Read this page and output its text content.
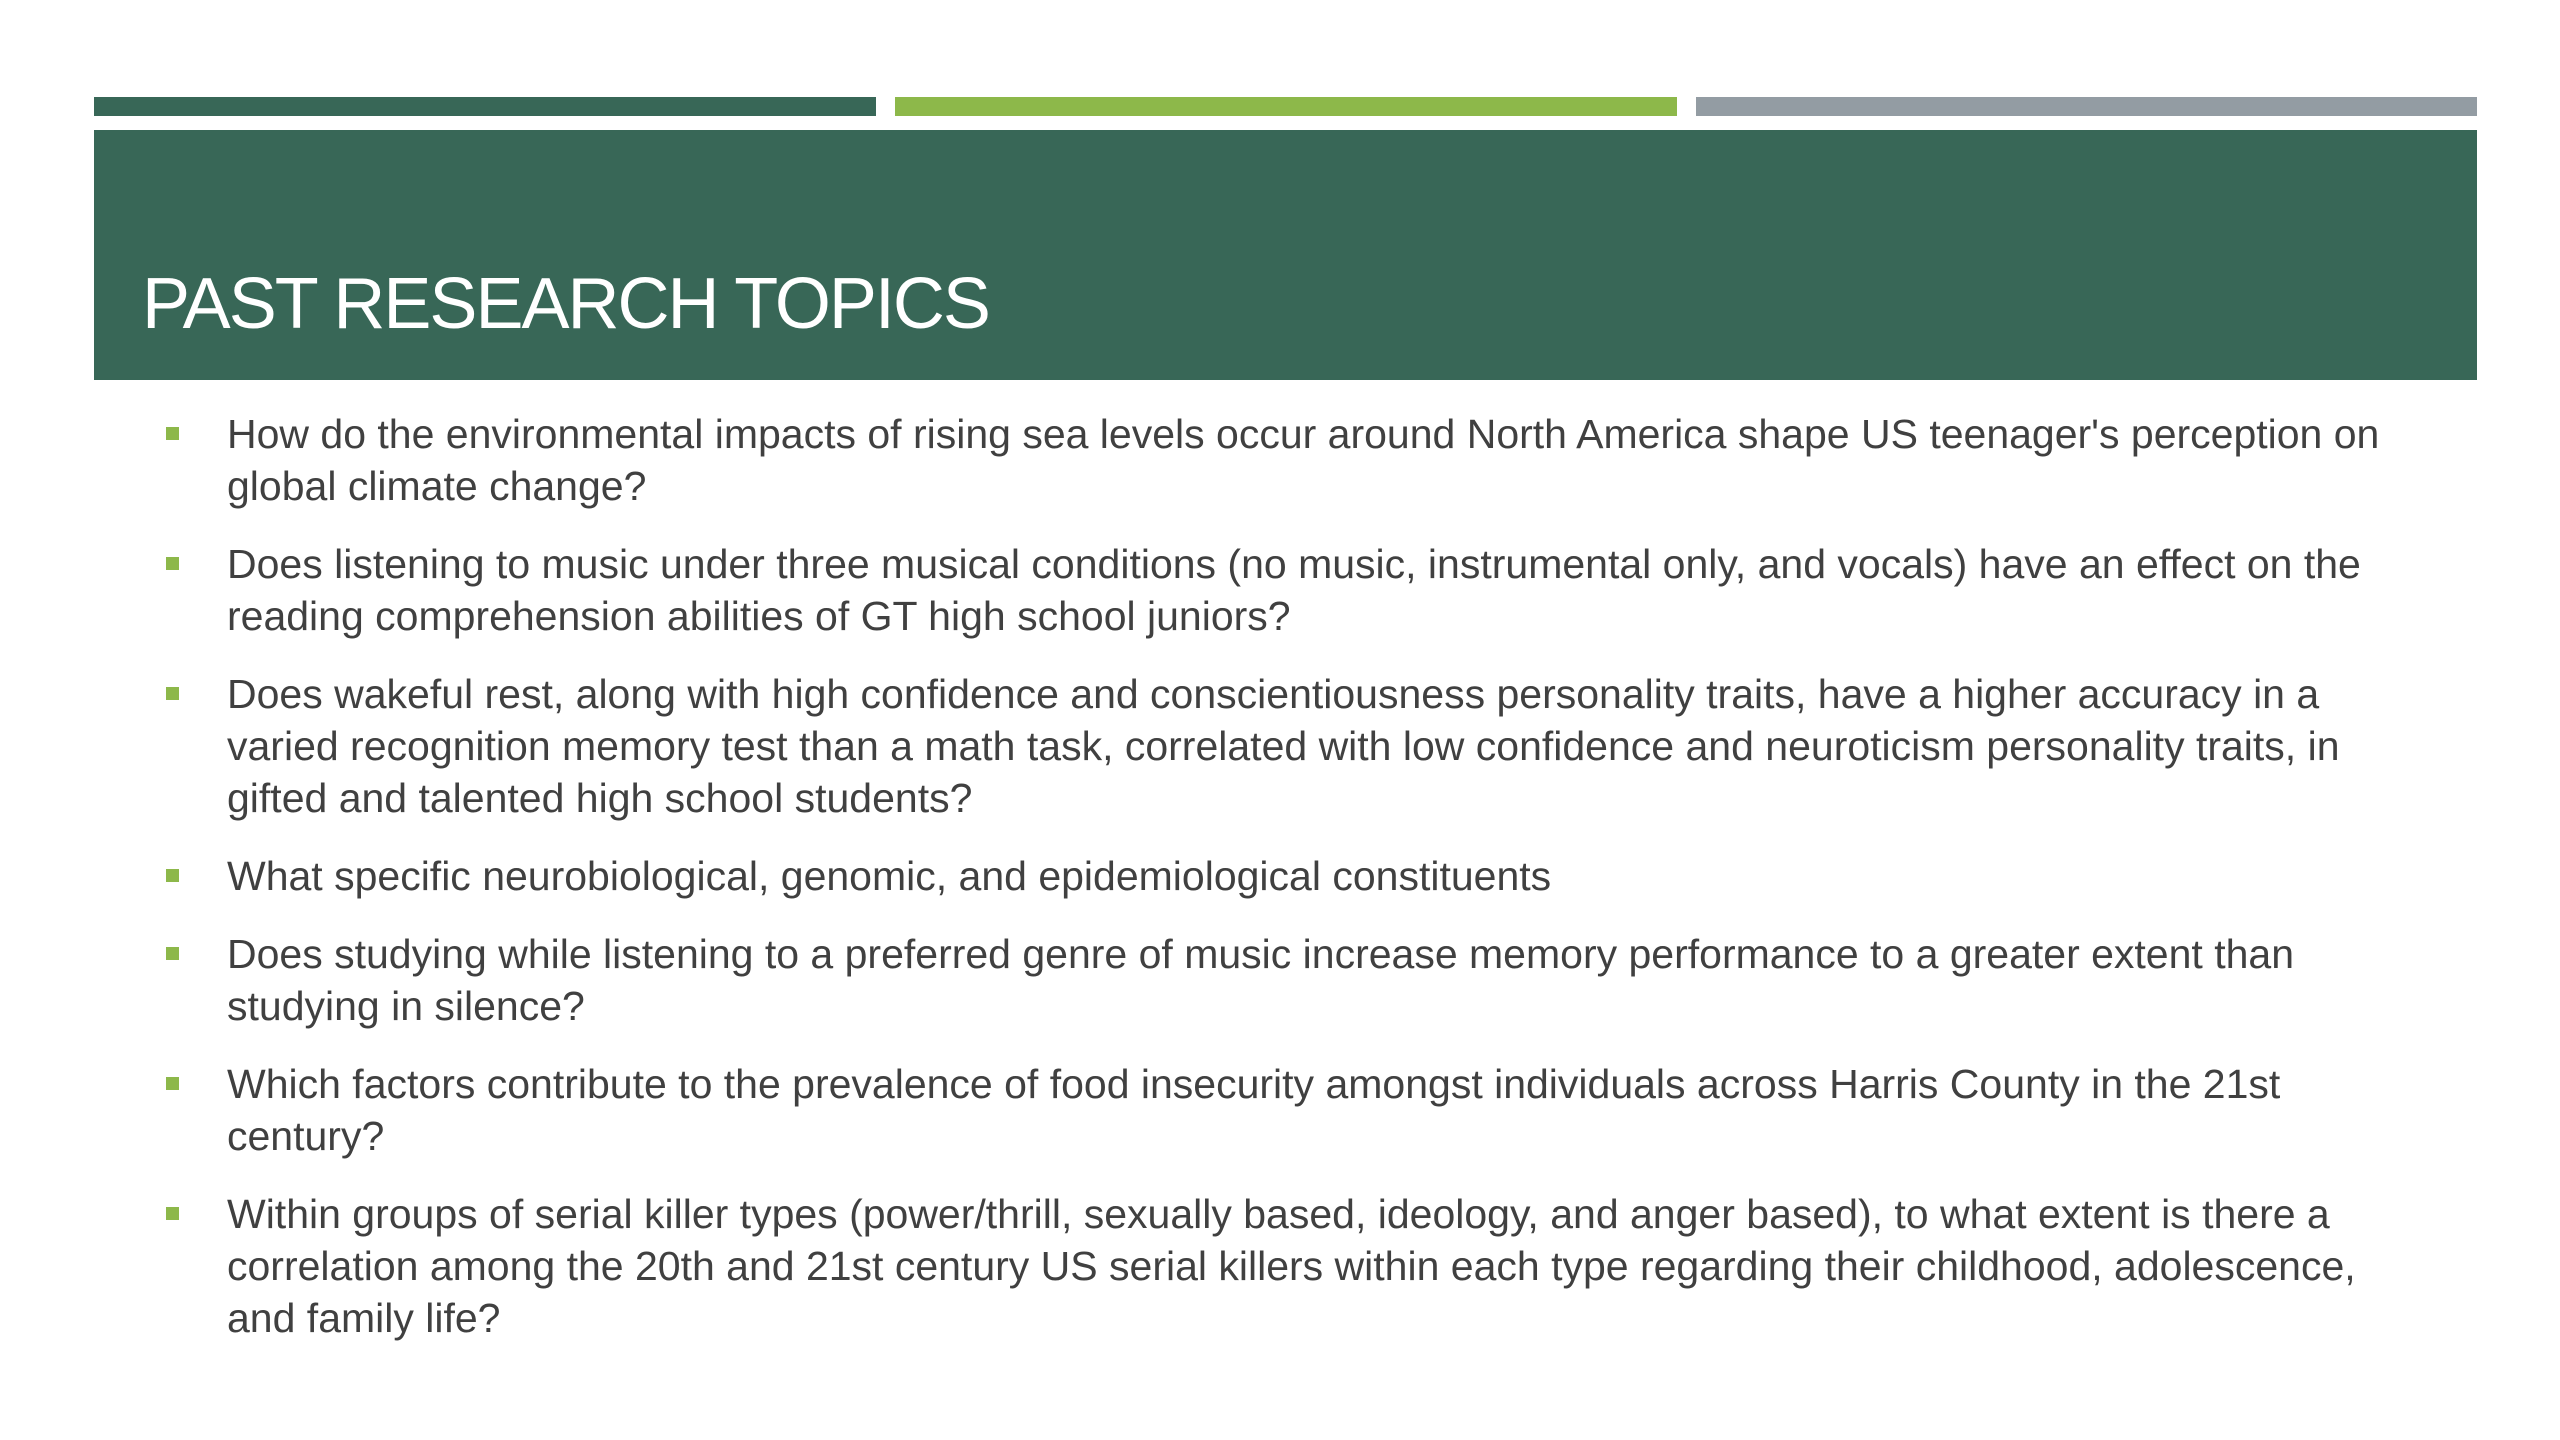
PAST RESEARCH TOPICS
How do the environmental impacts of rising sea levels occur around North America shape US teenager's perception on global climate change?
Does listening to music under three musical conditions (no music, instrumental only, and vocals) have an effect on the reading comprehension abilities of GT high school juniors?
Does wakeful rest, along with high confidence and conscientiousness personality traits, have a higher accuracy in a varied recognition memory test than a math task, correlated with low confidence and neuroticism personality traits, in gifted and talented high school students?
What specific neurobiological, genomic, and epidemiological constituents
Does studying while listening to a preferred genre of music increase memory performance to a greater extent than studying in silence?
Which factors contribute to the prevalence of food insecurity amongst individuals across Harris County in the 21st century?
Within groups of serial killer types (power/thrill, sexually based, ideology, and anger based), to what extent is there a correlation among the 20th and 21st century US serial killers within each type regarding their childhood, adolescence, and family life?
